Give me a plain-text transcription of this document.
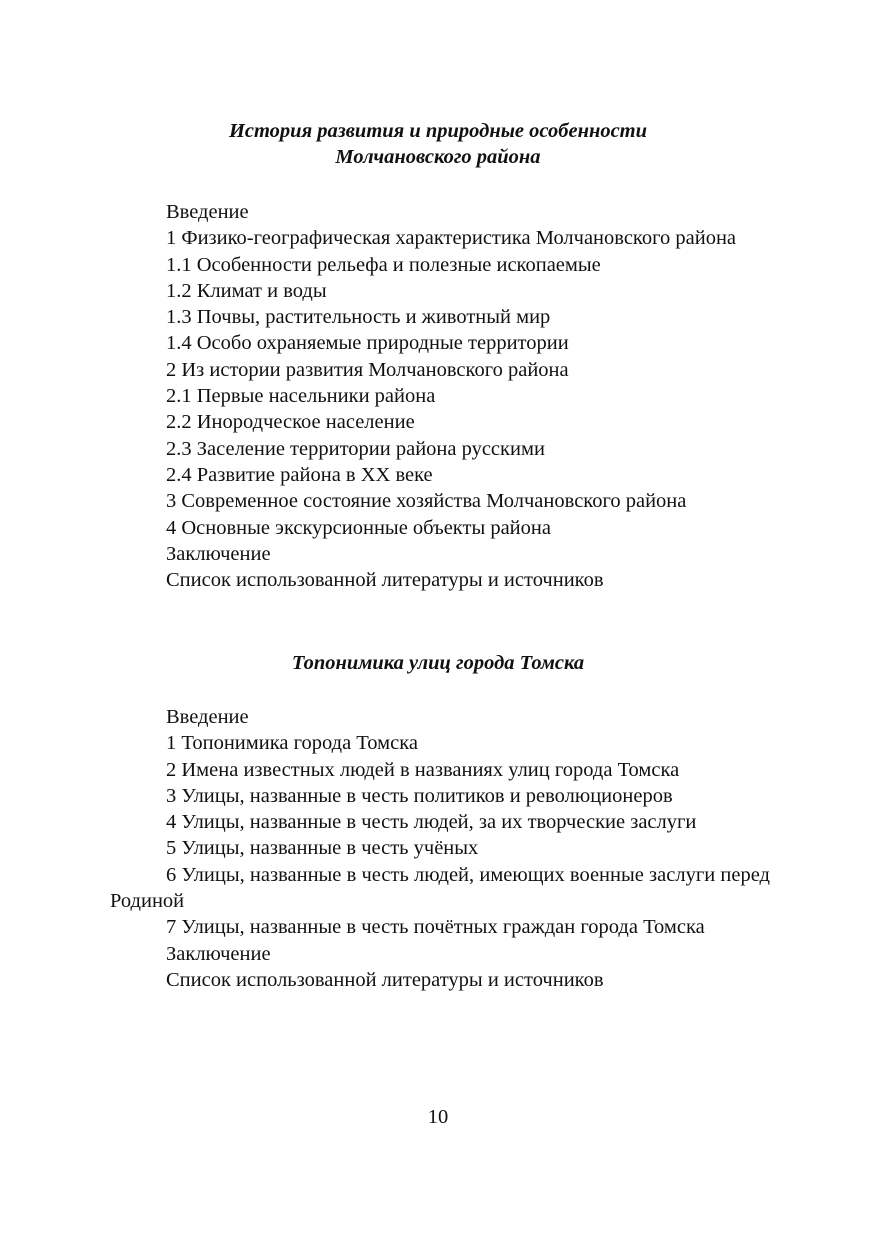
История развития и природные особенности
Молчановского района
Введение
1 Физико-географическая характеристика Молчановского района
1.1 Особенности рельефа и полезные ископаемые
1.2 Климат и воды
1.3 Почвы, растительность и животный мир
1.4 Особо охраняемые природные территории
2 Из истории развития Молчановского района
2.1 Первые насельники района
2.2 Инородческое население
2.3 Заселение территории района русскими
2.4 Развитие района в XX веке
3 Современное состояние хозяйства Молчановского района
4 Основные экскурсионные объекты района
Заключение
Список использованной литературы и источников
Топонимика улиц города Томска
Введение
1 Топонимика города Томска
2 Имена известных людей в названиях улиц города Томска
3 Улицы, названные в честь политиков и революционеров
4 Улицы, названные в честь людей, за их творческие заслуги
5 Улицы, названные в честь учёных
6 Улицы, названные в честь людей, имеющих военные заслуги перед Родиной
7 Улицы, названные в честь почётных граждан города Томска
Заключение
Список использованной литературы и источников
10
